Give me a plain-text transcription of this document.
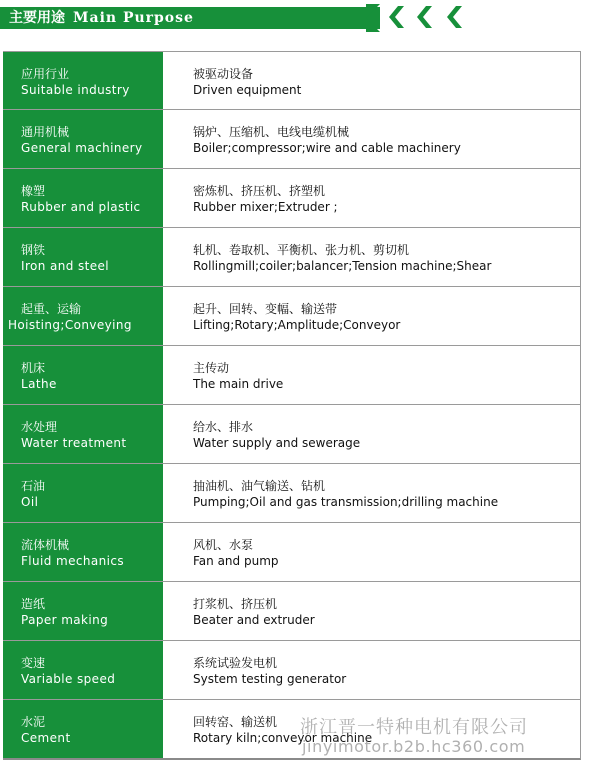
主要用途 Main Purpose
应用行业
Suitable industry
被驱动设备
Driven equipment
通用机械
General machinery
锅炉、压缩机、电线电缆机械
Boiler;compressor;wire and cable machinery
橡塑
Rubber and plastic
密炼机、挤压机、挤塑机
Rubber mixer;Extruder ;
钢铁
Iron and steel
轧机、卷取机、平衡机、张力机、剪切机
Rollingmill;coiler;balancer;Tension machine;Shear
起重、运输
Hoisting;Conveying
起升、回转、变幅、输送带
Lifting;Rotary;Amplitude;Conveyor
机床
Lathe
主传动
The main drive
水处理
Water treatment
给水、排水
Water supply and sewerage
石油
Oil
抽油机、油气输送、钻机
Pumping;Oil and gas transmission;drilling machine
流体机械
Fluid mechanics
风机、水泵
Fan and pump
造纸
Paper making
打浆机、挤压机
Beater and extruder
变速
Variable speed
系统试验发电机
System testing generator
水泥
Cement
回转窑、输送机
Rotary kiln;conveyor machine
浙江晋一特种电机有限公司
jinyimotor.b2b.hc360.com
